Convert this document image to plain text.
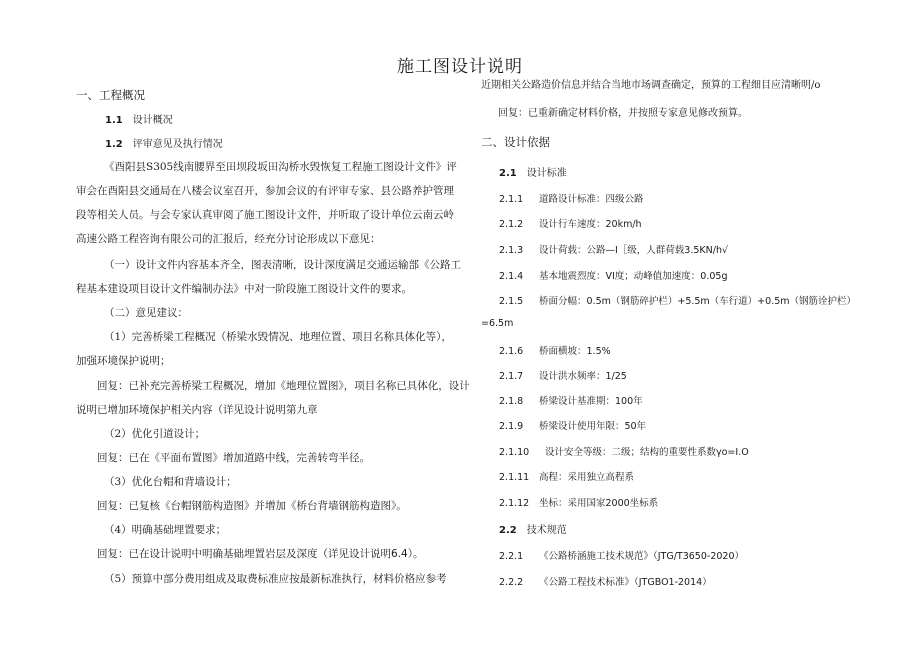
施工图设计说明
一、工程概况
1.1 设计概况
1.2 评审意见及执行情况
《酉阳县S305线南腰界至田坝段坂田沟桥水毁恢复工程施工图设计文件》评
审会在酉阳县交通局在八楼会议室召开，参加会议的有评审专家、县公路养护管理
段等相关人员。与会专家认真审阅了施工图设计文件，并听取了设计单位云南云岭
高速公路工程咨询有限公司的汇报后，经充分讨论形成以下意见：
（一）设计文件内容基本齐全，图表清晰，设计深度满足交通运输部《公路工
程基本建设项目设计文件编制办法》中对一阶段施工图设计文件的要求。
（二）意见建议：
（1）完善桥梁工程概况（桥梁水毁情况、地理位置、项目名称具体化等），
加强环境保护说明；
回复：已补充完善桥梁工程概况，增加《地理位置图》，项目名称已具体化，设计
说明已增加环境保护相关内容（详见设计说明第九章
（2）优化引道设计；
回复：已在《平面布置图》增加道路中线，完善转弯半径。
（3）优化台帽和背墙设计；
回复：已复核《台帽钢筋构造图》并增加《桥台背墙钢筋构造图》。
（4）明确基础埋置要求；
回复：已在设计说明中明确基础埋置岩层及深度（详见设计说明6.4）。
（5）预算中部分费用组成及取费标准应按最新标准执行，材料价格应参考
近期相关公路造价信息并结合当地市场调查确定，预算的工程细目应清晰明/o
回复：已重新确定材料价格，并按照专家意见修改预算。
二、设计依据
2.1 设计标准
2.1.1 道路设计标准：四级公路
2.1.2 设计行车速度：20km/h
2.1.3 设计荷载：公路—I［级，人群荷载3.5KN/h√
2.1.4 基本地震烈度：VI度；动峰值加速度：0.05g
2.1.5 桥面分幅：0.5m（钢筋碎护栏）+5.5m（车行道）+0.5m（钢筋诠护栏）
=6.5m
2.1.6 桥面横坡：1.5%
2.1.7 设计洪水频率：1/25
2.1.8 桥梁设计基准期：100年
2.1.9 桥梁设计使用年限：50年
2.1.10 设计安全等级：二级；结构的重要性系数γo=I.O
2.1.11 高程：采用独立高程系
2.1.12 坐标：采用国家2000坐标系
2.2 技术规范
2.2.1 《公路桥涵施工技术规范》（JTG/T3650-2020）
2.2.2 《公路工程技术标准》（JTGBO1-2014）
